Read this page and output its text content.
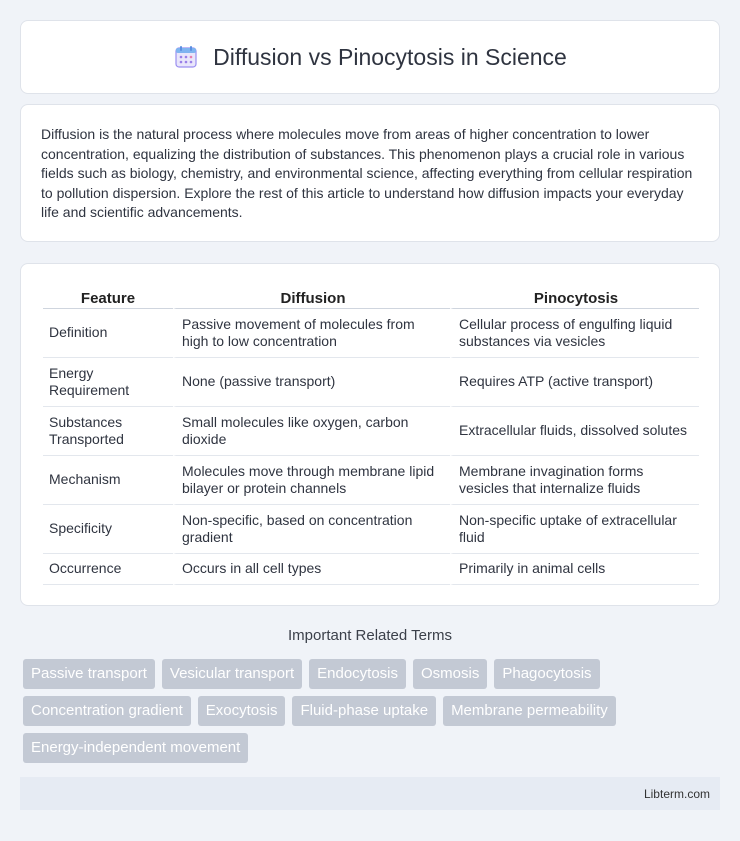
Diffusion vs Pinocytosis in Science

Diffusion is the natural process where molecules move from areas of higher concentration to lower concentration, equalizing the distribution of substances. This phenomenon plays a crucial role in various fields such as biology, chemistry, and environmental science, affecting everything from cellular respiration to pollution dispersion. Explore the rest of this article to understand how diffusion impacts your everyday life and scientific advancements.

Feature	Diffusion	Pinocytosis
Definition	Passive movement of molecules from high to low concentration	Cellular process of engulfing liquid substances via vesicles
Energy Requirement	None (passive transport)	Requires ATP (active transport)
Substances Transported	Small molecules like oxygen, carbon dioxide	Extracellular fluids, dissolved solutes
Mechanism	Molecules move through membrane lipid bilayer or protein channels	Membrane invagination forms vesicles that internalize fluids
Specificity	Non-specific, based on concentration gradient	Non-specific uptake of extracellular fluid
Occurrence	Occurs in all cell types	Primarily in animal cells
Important Related Terms
Passive transport	Vesicular transport	Endocytosis	Osmosis	Phagocytosis
Concentration gradient	Exocytosis	Fluid-phase uptake	Membrane permeability
Energy-independent movement
Libterm.com
